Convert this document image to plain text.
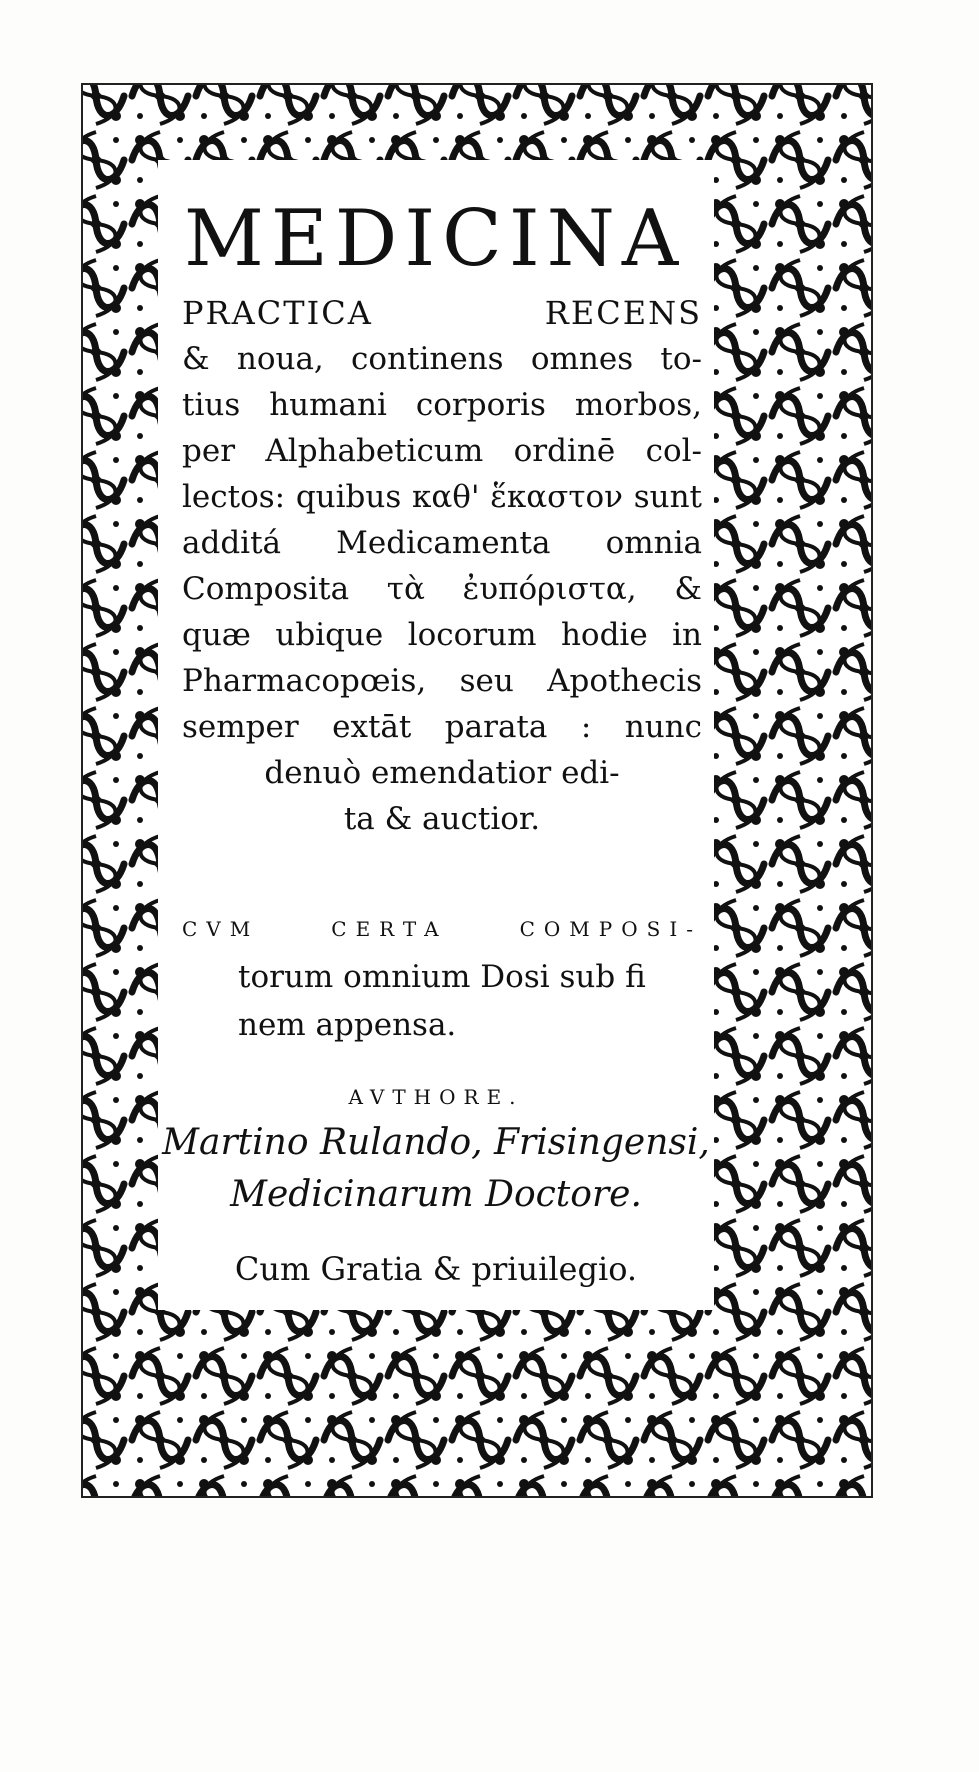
MEDICINA
PRACTICA RECENS
& noua, continens omnes to-
tius humani corporis morbos,
per Alphabeticum ordinē col-
lectos: quibus καθ' ἕκαστον sunt
additá Medicamenta omnia
Composita τὰ ἐυπόριστα, &
quæ ubique locorum hodie in
Pharmacopœis, seu Apothecis
semper extāt parata : nunc
denuò emendatior edi-
ta & auctior.
CVM CERTA COMPOSI-
torum omnium Dosi sub fi
nem appensa.
AVTHORE.
Martino Rulando, Frisingensi,
Medicinarum Doctore.
Cum Gratia & priuilegio.
